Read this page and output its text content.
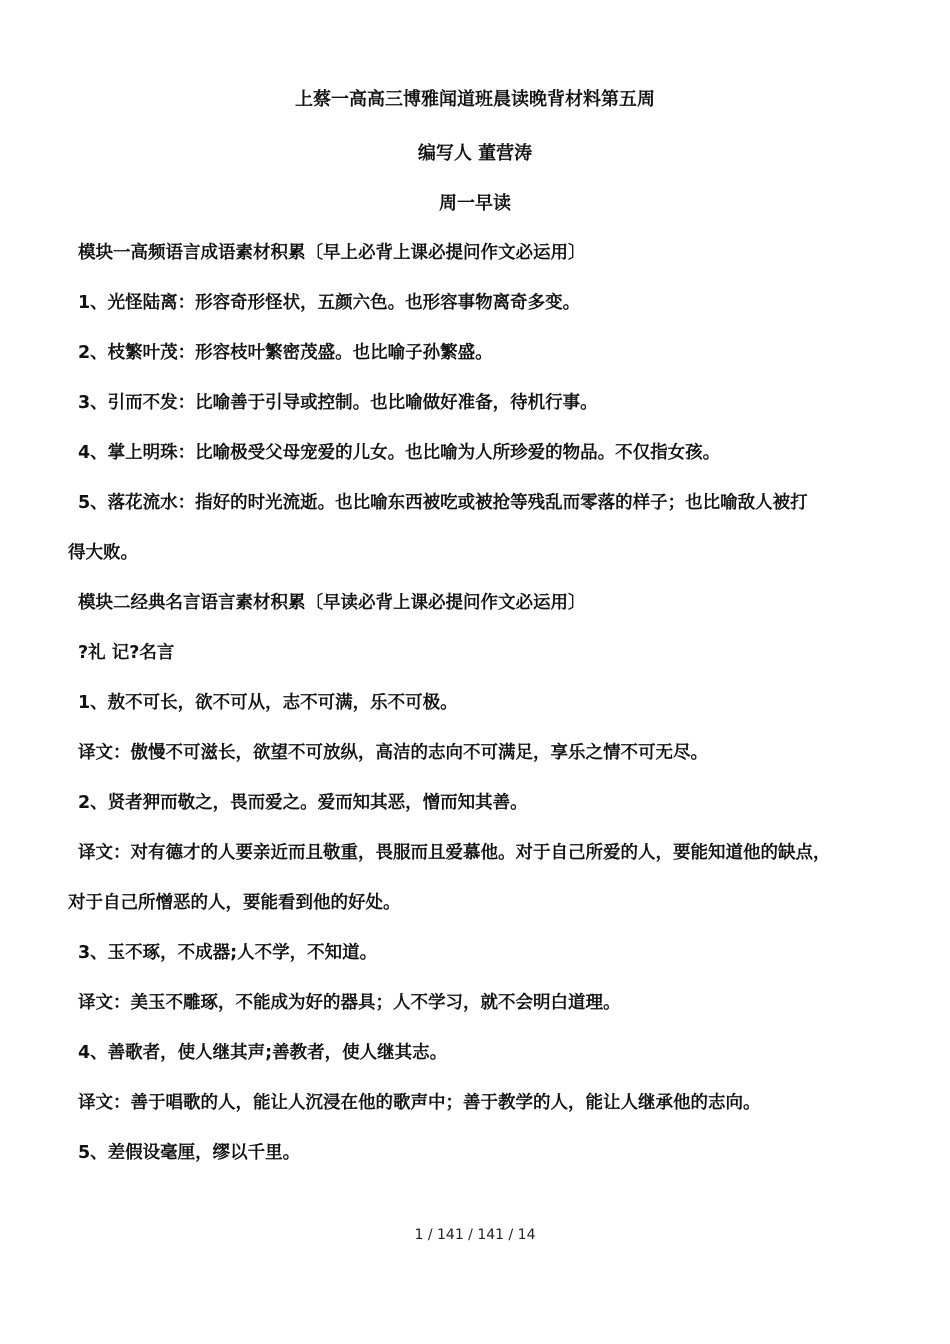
上蔡一高高三博雅闻道班晨读晚背材料第五周
编写人 董营涛
周一早读
模块一高频语言成语素材积累〔早上必背上课必提问作文必运用〕
1、光怪陆离：形容奇形怪状，五颜六色。也形容事物离奇多变。
2、枝繁叶茂：形容枝叶繁密茂盛。也比喻子孙繁盛。
3、引而不发：比喻善于引导或控制。也比喻做好准备，待机行事。
4、掌上明珠：比喻极受父母宠爱的儿女。也比喻为人所珍爱的物品。不仅指女孩。
5、落花流水：指好的时光流逝。也比喻东西被吃或被抢等残乱而零落的样子；也比喻敌人被打
得大败。
模块二经典名言语言素材积累〔早读必背上课必提问作文必运用〕
?礼 记?名言
1、敖不可长，欲不可从，志不可满，乐不可极。
译文：傲慢不可滋长，欲望不可放纵，高洁的志向不可满足，享乐之情不可无尽。
2、贤者狎而敬之，畏而爱之。爱而知其恶，憎而知其善。
译文：对有德才的人要亲近而且敬重，畏服而且爱慕他。对于自己所爱的人，要能知道他的缺点，
对于自己所憎恶的人，要能看到他的好处。
3、玉不琢，不成器;人不学，不知道。
译文：美玉不雕琢，不能成为好的器具；人不学习，就不会明白道理。
4、善歌者，使人继其声;善教者，使人继其志。
译文：善于唱歌的人，能让人沉浸在他的歌声中；善于教学的人，能让人继承他的志向。
5、差假设毫厘，缪以千里。
1 / 141 / 141 / 14
